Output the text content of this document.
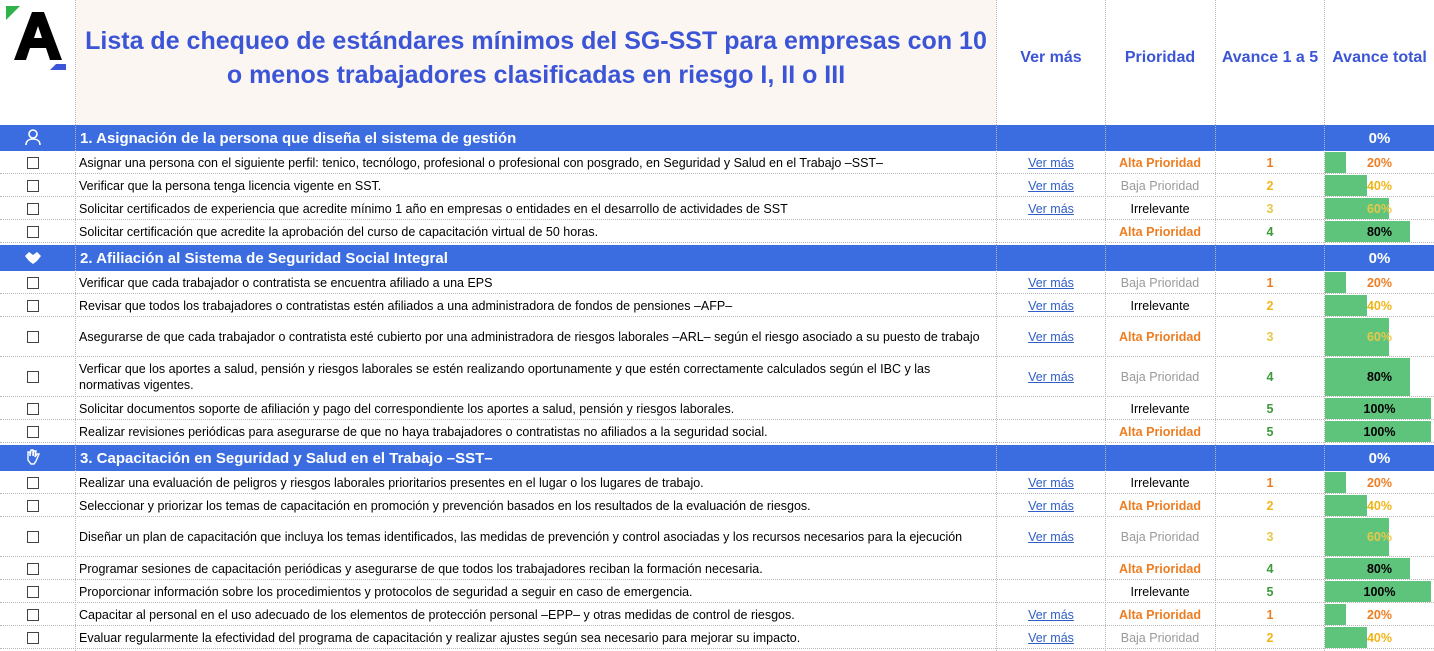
Lista de chequeo de estándares mínimos del SG-SST para empresas con 10 o menos trabajadores clasificadas en riesgo I, II o III
Ver más	Prioridad	Avance 1 a 5 Avance total
1. Asignación de la persona que diseña el sistema de gestión	0%
Asignar una persona con el siguiente perfil: tenico, tecnólogo, profesional o profesional con posgrado, en Seguridad y Salud en el Trabajo –SST–	Ver más	Alta Prioridad	1	20%
Verificar que la persona tenga licencia vigente en SST.	Ver más	Baja Prioridad	2	40%
Solicitar certificados de experiencia que acredite mínimo 1 año en empresas o entidades en el desarrollo de actividades de SST	Ver más	Irrelevante	3	60%
Solicitar certificación que acredite la aprobación del curso de capacitación virtual de 50 horas.	Alta Prioridad	4	80%
2. Afiliación al Sistema de Seguridad Social Integral	0%
Verificar que cada trabajador o contratista se encuentra afiliado a una EPS	Ver más	Baja Prioridad	1	20%
Revisar que todos los trabajadores o contratistas estén afiliados a una administradora de fondos de pensiones –AFP–	Ver más	Irrelevante	2	40%
Asegurarse de que cada trabajador o contratista esté cubierto por una administradora de riesgos laborales –ARL– según el riesgo asociado a su puesto de trabajo	Ver más	Alta Prioridad	3	60%
Verficar que los aportes a salud, pensión y riesgos laborales se estén realizando oportunamente y que estén correctamente calculados según el IBC y las normativas vigentes.
Ver más	Baja Prioridad	4	80%
Solicitar documentos soporte de afiliación y pago del correspondiente los aportes a salud, pensión y riesgos laborales.	Irrelevante	5	100%
Realizar revisiones periódicas para asegurarse de que no haya trabajadores o contratistas no afiliados a la seguridad social.	Alta Prioridad	5	100%
3. Capacitación en Seguridad y Salud en el Trabajo –SST–	0%
Realizar una evaluación de peligros y riesgos laborales prioritarios presentes en el lugar o los lugares de trabajo.	Ver más	Irrelevante	1	20%
Seleccionar y priorizar los temas de capacitación en promoción y prevención basados en los resultados de la evaluación de riesgos.	Ver más	Alta Prioridad	2	40%
Diseñar un plan de capacitación que incluya los temas identificados, las medidas de prevención y control asociadas y los recursos necesarios para la ejecución	Ver más	Baja Prioridad	3	60%
Programar sesiones de capacitación periódicas y asegurarse de que todos los trabajadores reciban la formación necesaria.	Alta Prioridad	4	80%
Proporcionar información sobre los procedimientos y protocolos de seguridad a seguir en caso de emergencia.	Irrelevante	5	100%
Capacitar al personal en el uso adecuado de los elementos de protección personal –EPP– y otras medidas de control de riesgos.	Ver más	Alta Prioridad	1	20%
Evaluar regularmente la efectividad del programa de capacitación y realizar ajustes según sea necesario para mejorar su impacto.	Ver más	Baja Prioridad	2	40%
